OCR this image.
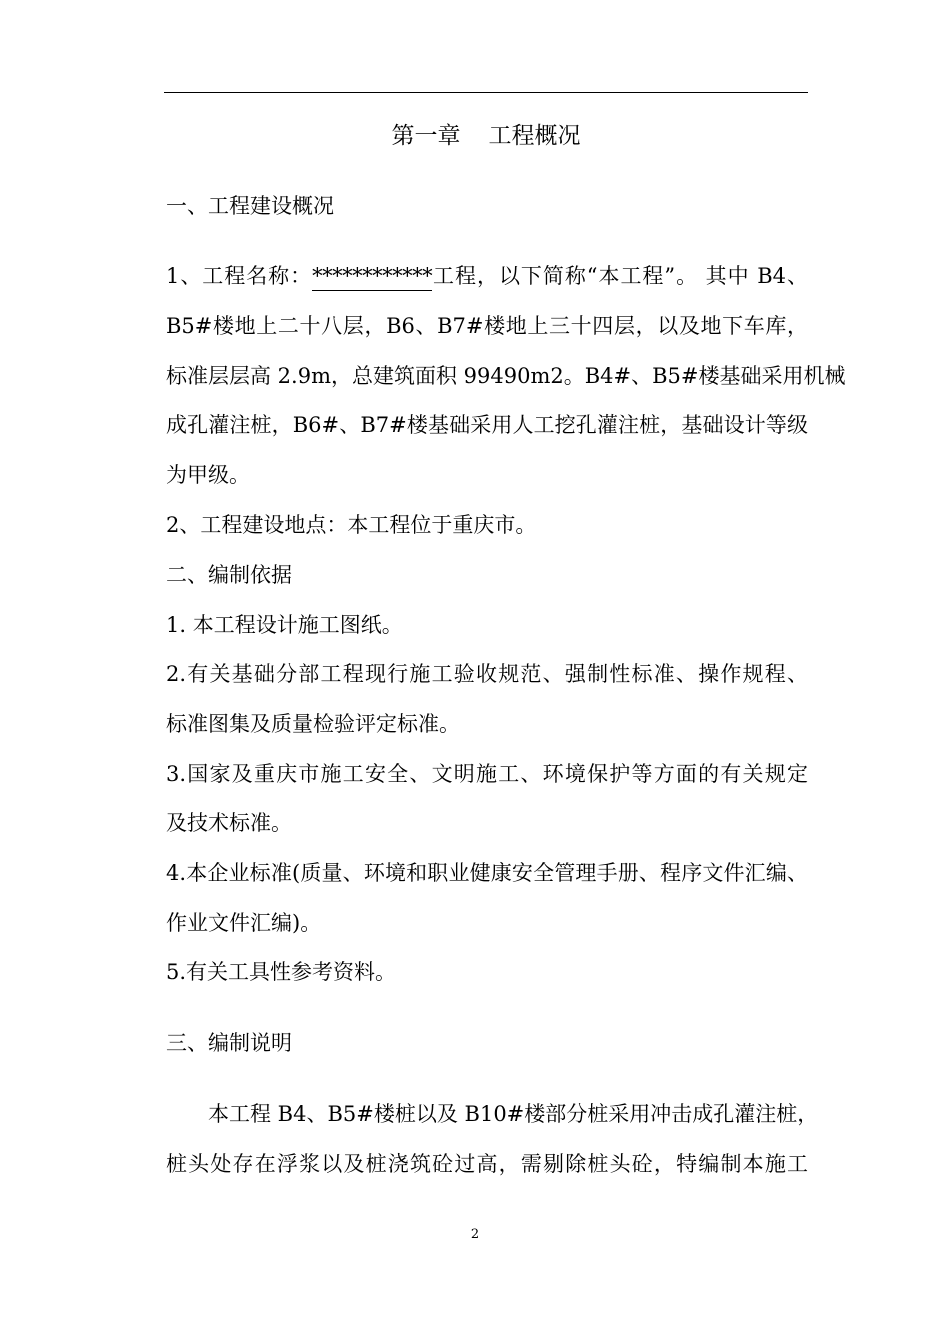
第一章 工程概况
一、工程建设概况
1、工程名称：************工程，以下简称“本工程”。 其中 B4、
B5#楼地上二十八层，B6、B7#楼地上三十四层，以及地下车库，
标准层层高 2.9m，总建筑面积 99490m2。B4#、B5#楼基础采用机械
成孔灌注桩，B6#、B7#楼基础采用人工挖孔灌注桩，基础设计等级
为甲级。
2、工程建设地点：本工程位于重庆市。
二、编制依据
1. 本工程设计施工图纸。
2.有关基础分部工程现行施工验收规范、强制性标准、操作规程、
标准图集及质量检验评定标准。
3.国家及重庆市施工安全、文明施工、环境保护等方面的有关规定
及技术标准。
4.本企业标准(质量、环境和职业健康安全管理手册、程序文件汇编、
作业文件汇编)。
5.有关工具性参考资料。
三、编制说明
本工程 B4、B5#楼桩以及 B10#楼部分桩采用冲击成孔灌注桩，
桩头处存在浮浆以及桩浇筑砼过高，需剔除桩头砼，特编制本施工
2
